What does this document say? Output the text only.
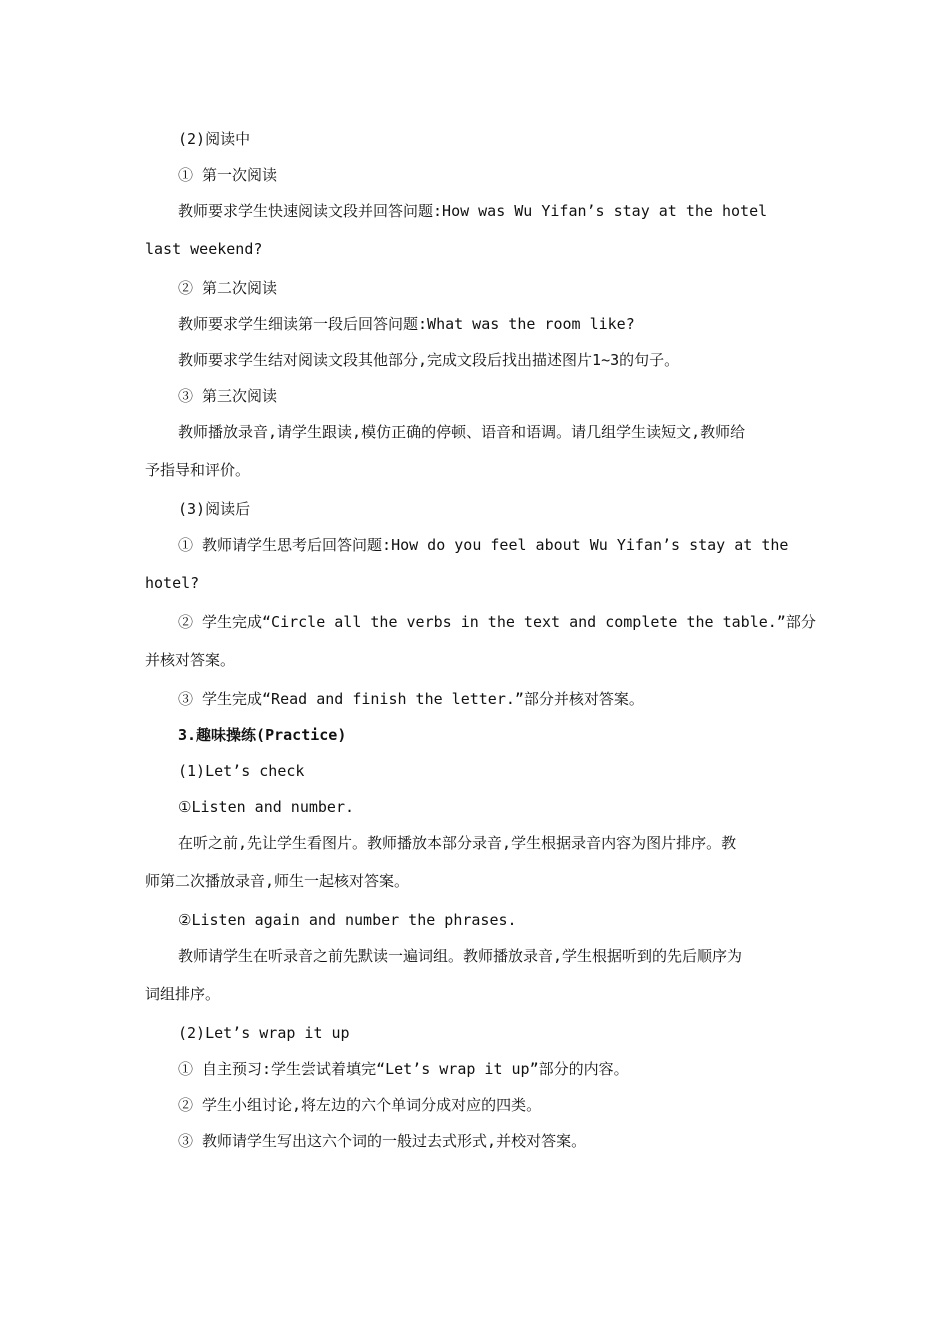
(2)阅读中
① 第一次阅读
教师要求学生快速阅读文段并回答问题:How was Wu Yifan’s stay at the hotel
last weekend?
② 第二次阅读
教师要求学生细读第一段后回答问题:What was the room like?
教师要求学生结对阅读文段其他部分,完成文段后找出描述图片1~3的句子。
③ 第三次阅读
教师播放录音,请学生跟读,模仿正确的停顿、语音和语调。请几组学生读短文,教师给
予指导和评价。
(3)阅读后
① 教师请学生思考后回答问题:How do you feel about Wu Yifan’s stay at the
hotel?
② 学生完成“Circle all the verbs in the text and complete the table.”部分
并核对答案。
③ 学生完成“Read and finish the letter.”部分并核对答案。
3.趣味操练(Practice)
(1)Let’s check
①Listen and number.
在听之前,先让学生看图片。教师播放本部分录音,学生根据录音内容为图片排序。教
师第二次播放录音,师生一起核对答案。
②Listen again and number the phrases.
教师请学生在听录音之前先默读一遍词组。教师播放录音,学生根据听到的先后顺序为
词组排序。
(2)Let’s wrap it up
① 自主预习:学生尝试着填完“Let’s wrap it up”部分的内容。
② 学生小组讨论,将左边的六个单词分成对应的四类。
③ 教师请学生写出这六个词的一般过去式形式,并校对答案。
